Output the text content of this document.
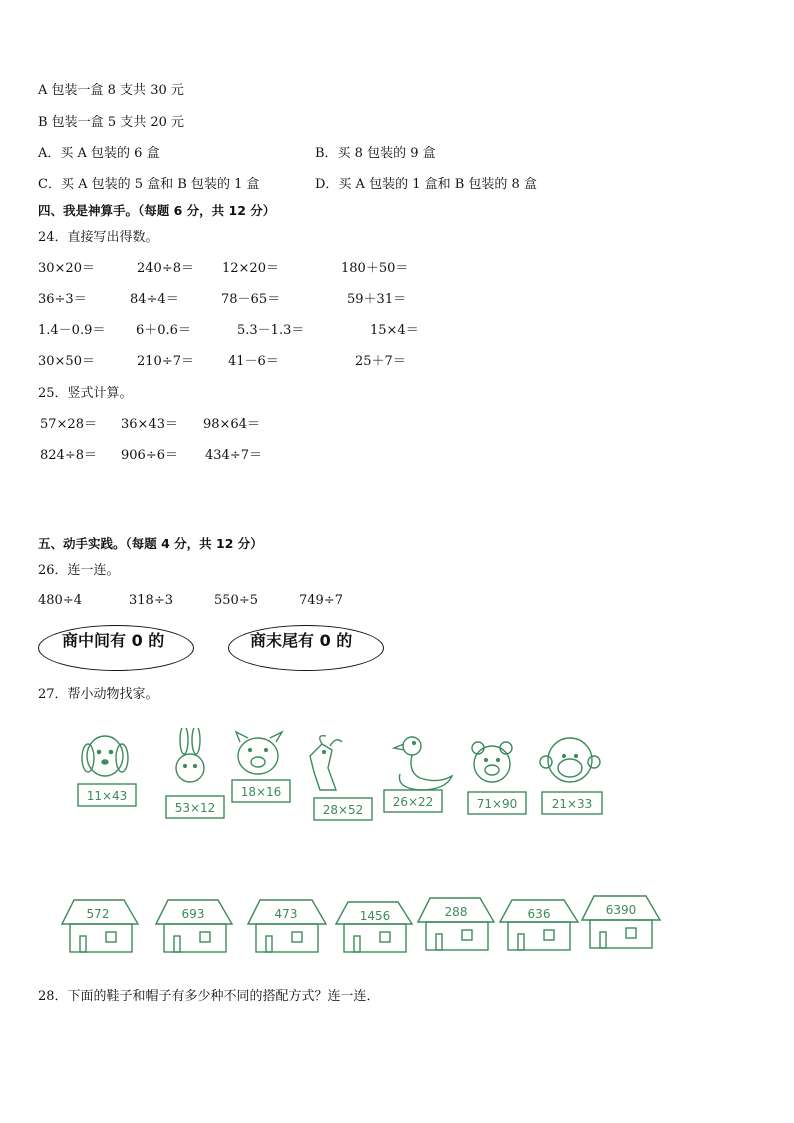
A 包装一盒 8 支共 30 元
B 包装一盒 5 支共 20 元
A．买 A 包装的 6 盒	B．买 8 包装的 9 盒
C．买 A 包装的 5 盒和 B 包装的 1 盒	D．买 A 包装的 1 盒和 B 包装的 8 盒
四、我是神算手。（每题 6 分，共 12 分）
24．直接写出得数。
30×20＝	240÷8＝ 12×20＝	180＋50＝
36÷3＝	84÷4＝	78－65＝	59＋31＝
1.4－0.9＝ 6＋0.6＝	5.3－1.3＝	15×4＝
30×50＝	210÷7＝	41－6＝	25＋7＝
25．竖式计算。
57×28＝ 36×43＝ 98×64＝
824÷8＝ 906÷6＝ 434÷7＝
五、动手实践。（每题 4 分，共 12 分）
26．连一连。
480÷4	318÷3	550÷5	749÷7
商中间有 0 的	商末尾有 0 的
27．帮小动物找家。
11×43
53×12
18×16
28×52
26×22	71×90	21×33
572	693	473	1456	288	636	6390
28．下面的鞋子和帽子有多少种不同的搭配方式？连一连．
